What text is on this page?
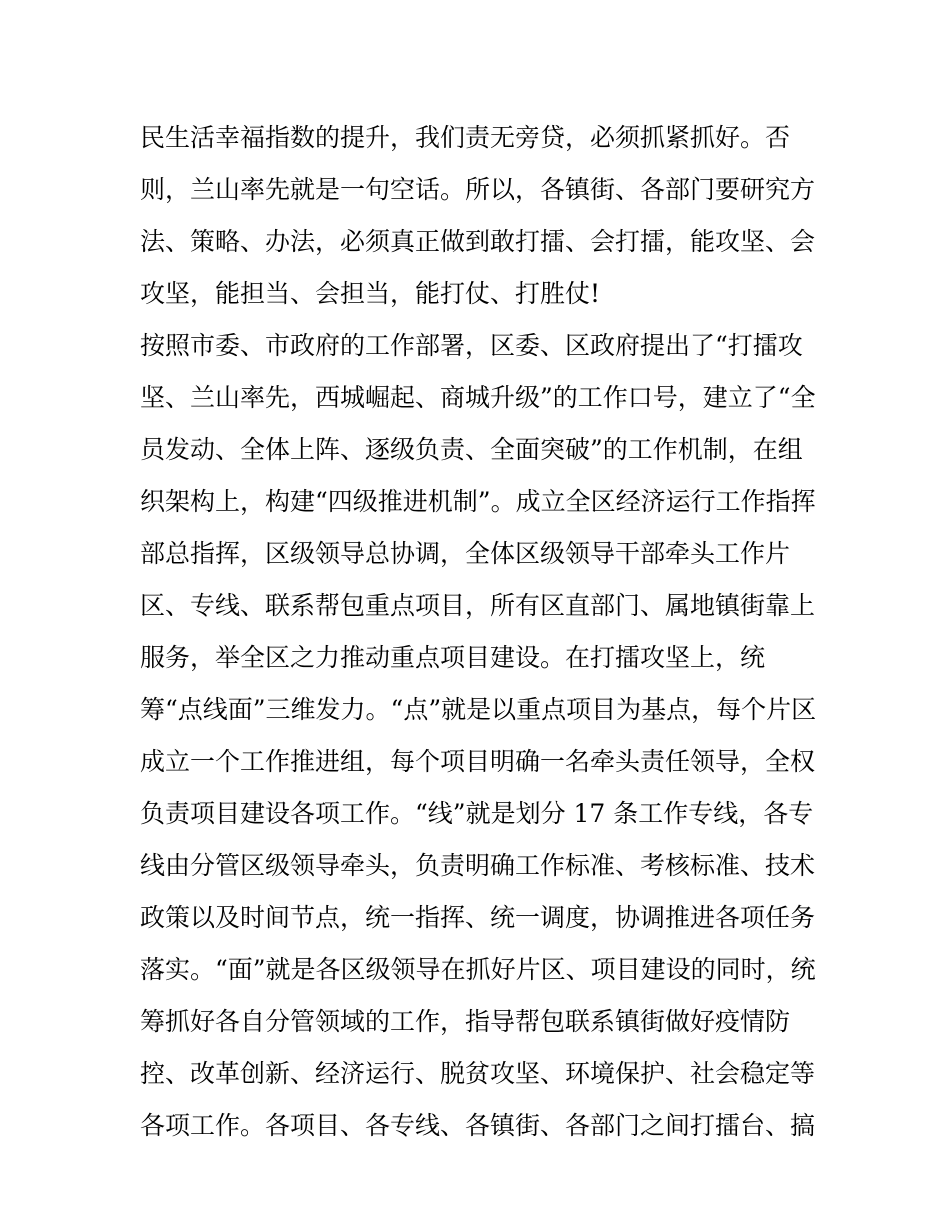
民生活幸福指数的提升，我们责无旁贷，必须抓紧抓好。否
则，兰山率先就是一句空话。所以，各镇街、各部门要研究方
法、策略、办法，必须真正做到敢打擂、会打擂，能攻坚、会
攻坚，能担当、会担当，能打仗、打胜仗!
按照市委、市政府的工作部署，区委、区政府提出了“打擂攻
坚、兰山率先，西城崛起、商城升级”的工作口号，建立了“全
员发动、全体上阵、逐级负责、全面突破”的工作机制，在组
织架构上，构建“四级推进机制”。成立全区经济运行工作指挥
部总指挥，区级领导总协调，全体区级领导干部牵头工作片
区、专线、联系帮包重点项目，所有区直部门、属地镇街靠上
服务，举全区之力推动重点项目建设。在打擂攻坚上，统
筹“点线面”三维发力。“点”就是以重点项目为基点，每个片区
成立一个工作推进组，每个项目明确一名牵头责任领导，全权
负责项目建设各项工作。“线”就是划分 17 条工作专线，各专
线由分管区级领导牵头，负责明确工作标准、考核标准、技术
政策以及时间节点，统一指挥、统一调度，协调推进各项任务
落实。“面”就是各区级领导在抓好片区、项目建设的同时，统
筹抓好各自分管领域的工作，指导帮包联系镇街做好疫情防
控、改革创新、经济运行、脱贫攻坚、环境保护、社会稳定等
各项工作。各项目、各专线、各镇街、各部门之间打擂台、搞
